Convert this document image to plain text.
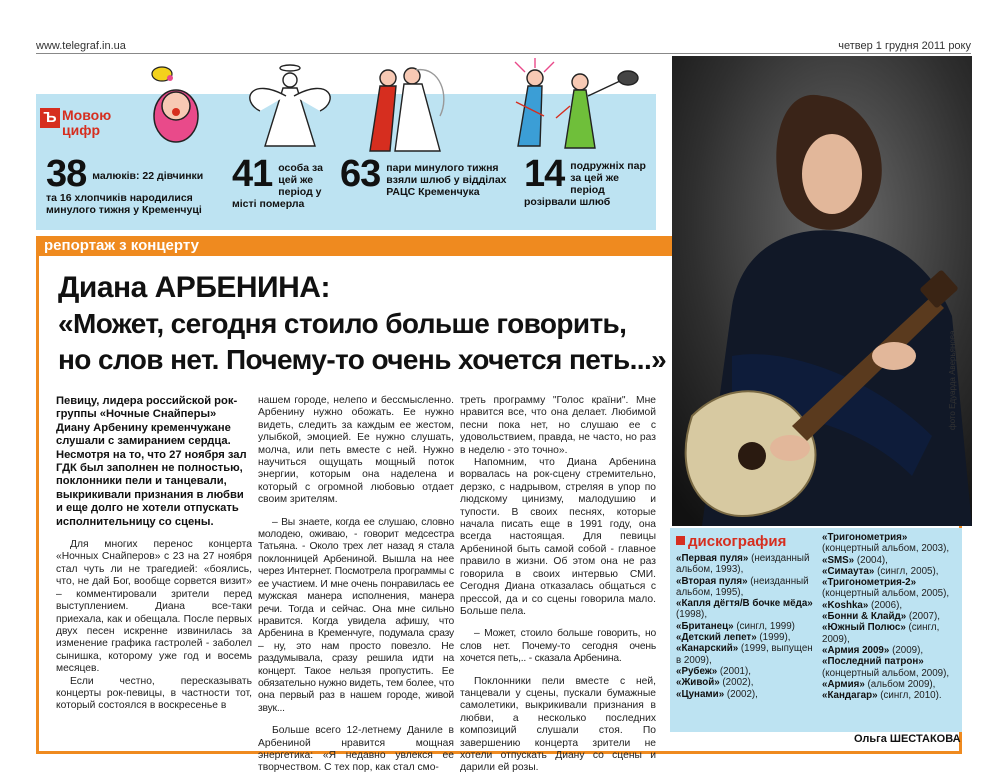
www.telegraf.in.ua	четвер 1 грудня 2011 року
Ъ Мовою
цифр
38 малюків: 22 дівчинки
та 16 хлопчиків народилися минулого тижня у Кременчуці
41 особа за цей же період у місті померла
63 пари минулого тижня взяли шлюб у відділах РАЦС Кременчука	14 подружніх пар за цей же період розірвали шлюб
репортаж з концерту
фото Едуарда Аверьянова
Диана АРБЕНИНА:
«Может, сегодня стоило больше говорить,
но слов нет. Почему-то очень хочется петь...»

Певицу, лидера российской рок-группы «Ночные Снайперы» Диану Арбенину кременчужане слушали с замиранием сердца. Несмотря на то, что 27 ноября зал ГДК был заполнен не полностью, поклонники пели и танцевали, выкрикивали признания в любви и еще долго не хотели отпускать исполнительницу со сцены.

Для многих перенос концерта «Ночных Снайперов» с 23 на 27 ноября стал чуть ли не трагедией: «боялись, что, не дай Бог, вообще сорвется визит» – комментировали зрители перед выступлением. Диана все-таки приехала, как и обещала. После первых двух песен искренне извинилась за изменение графика гастролей - заболел сынишка, которому уже год и восемь месяцев.

Если честно, пересказывать концерты рок-певицы, в частности тот, который состоялся в воскресенье в

нашем городе, нелепо и бессмысленно. Арбенину нужно обожать. Ее нужно видеть, следить за каждым ее жестом, улыбкой, эмоцией. Ее нужно слушать, молча, или петь вместе с ней. Нужно научиться ощущать мощный поток энергии, которым она наделена и который с огромной любовью отдает своим зрителям.

– Вы знаете, когда ее слушаю, словно молодею, оживаю, - говорит медсестра Татьяна. - Около трех лет назад я стала поклонницей Арбениной. Вышла на нее через Интернет. Посмотрела программы с ее участием. И мне очень понравилась ее мужская манера исполнения, манера речи. Тогда и сейчас. Она мне сильно нравится. Когда увидела афишу, что Арбенина в Кременчуге, подумала сразу – ну, это нам просто повезло. Не раздумывала, сразу решила идти на концерт. Такое нельзя пропустить. Ее обязательно нужно видеть, тем более, что она первый раз в нашем городе, живой звук...

Больше всего 12-летнему Даниле в Арбениной нравится мощная энергетика: «Я недавно увлекся ее творчеством. С тех пор, как стал смо-

треть программу "Голос країни". Мне нравится все, что она делает. Любимой песни пока нет, но слушаю ее с удовольствием, правда, не часто, но раз в неделю - это точно».

Напомним, что Диана Арбенина ворвалась на рок-сцену стремительно, дерзко, с надрывом, стреляя в упор по людскому цинизму, малодушию и тупости. В своих песнях, которые начала писать еще в 1991 году, она всегда настоящая. Для певицы Арбениной быть самой собой - главное правило в жизни. Об этом она не раз говорила в своих интервью СМИ. Сегодня Диана отказалась общаться с прессой, да и со сцены говорила мало. Больше пела.

– Может, стоило больше говорить, но слов нет. Почему-то сегодня очень хочется петь,.. - сказала Арбенина.

Поклонники пели вместе с ней, танцевали у сцены, пускали бумажные самолетики, выкрикивали признания в любви, а несколько последних композиций слушали стоя. По завершению концерта зрители не хотели отпускать Диану со сцены и дарили ей розы.

дискография
«Первая пуля» (неизданный альбом, 1993),
«Вторая пуля» (неизданный альбом, 1995),
«Капля дёгтя/В бочке мёда» (1998),
«Британец» (сингл, 1999)
«Детский лепет» (1999),
«Канарский» (1999, выпущен в 2009),
«Рубеж» (2001),
«Живой» (2002),
«Цунами» (2002),
«Тригонометрия» (концертный альбом, 2003),
«SMS» (2004),
«Симаута» (сингл, 2005),
«Тригонометрия-2» (концертный альбом, 2005),
«Koshka» (2006),
«Бонни & Клайд» (2007),
«Южный Полюс» (сингл, 2009),
«Армия 2009» (2009),
«Последний патрон» (концертный альбом, 2009),
«Армия» (альбом 2009),
«Кандагар» (сингл, 2010).
Ольга ШЕСТАКОВА
